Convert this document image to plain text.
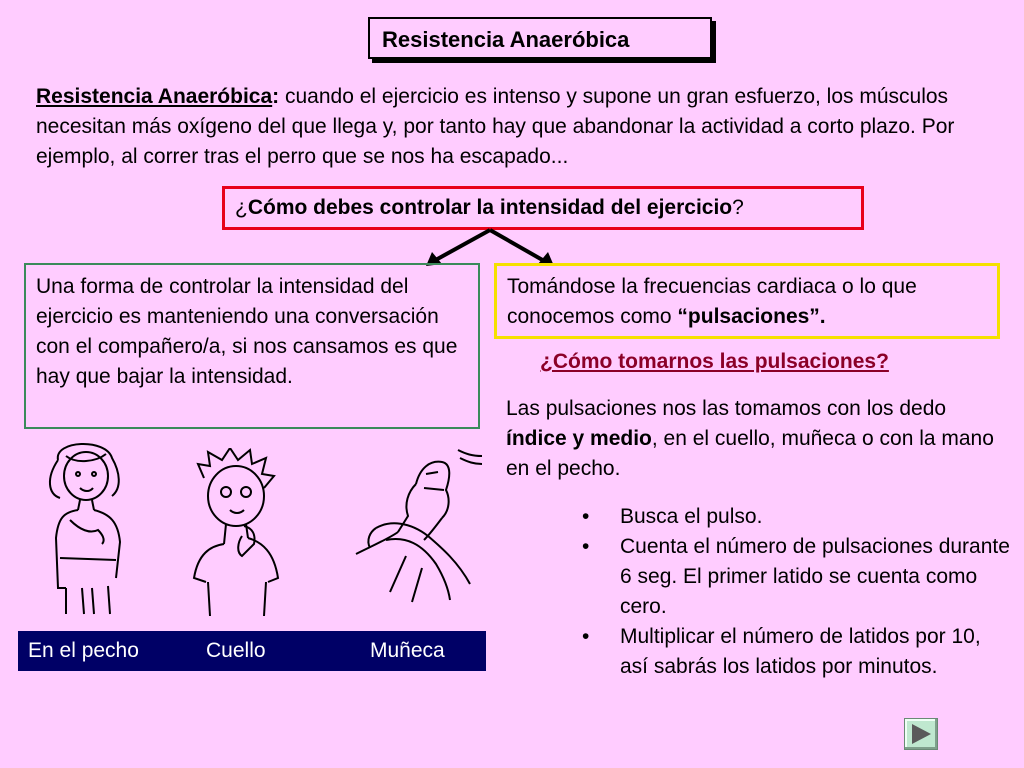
Resistencia Anaeróbica
Resistencia Anaeróbica: cuando el ejercicio es intenso y supone un gran esfuerzo, los músculos necesitan más oxígeno del que llega y, por tanto hay que abandonar la actividad a corto plazo. Por ejemplo, al correr tras el perro que se nos ha escapado...
¿Cómo debes controlar la intensidad del ejercicio?
Una forma de controlar la intensidad del ejercicio es manteniendo una conversación con el compañero/a, si nos cansamos es que hay que bajar la intensidad.
Tomándose la frecuencias cardiaca o lo que conocemos como “pulsaciones”.
¿Cómo tomarnos las pulsaciones?
Las pulsaciones nos las tomamos con los dedo índice y medio, en el cuello, muñeca o con la mano en el pecho.
• Busca el pulso.
• Cuenta el número de pulsaciones durante 6 seg. El primer latido se cuenta como cero.
• Multiplicar el número de latidos por 10, así sabrás los latidos por minutos.
En el pecho	Cuello	Muñeca
